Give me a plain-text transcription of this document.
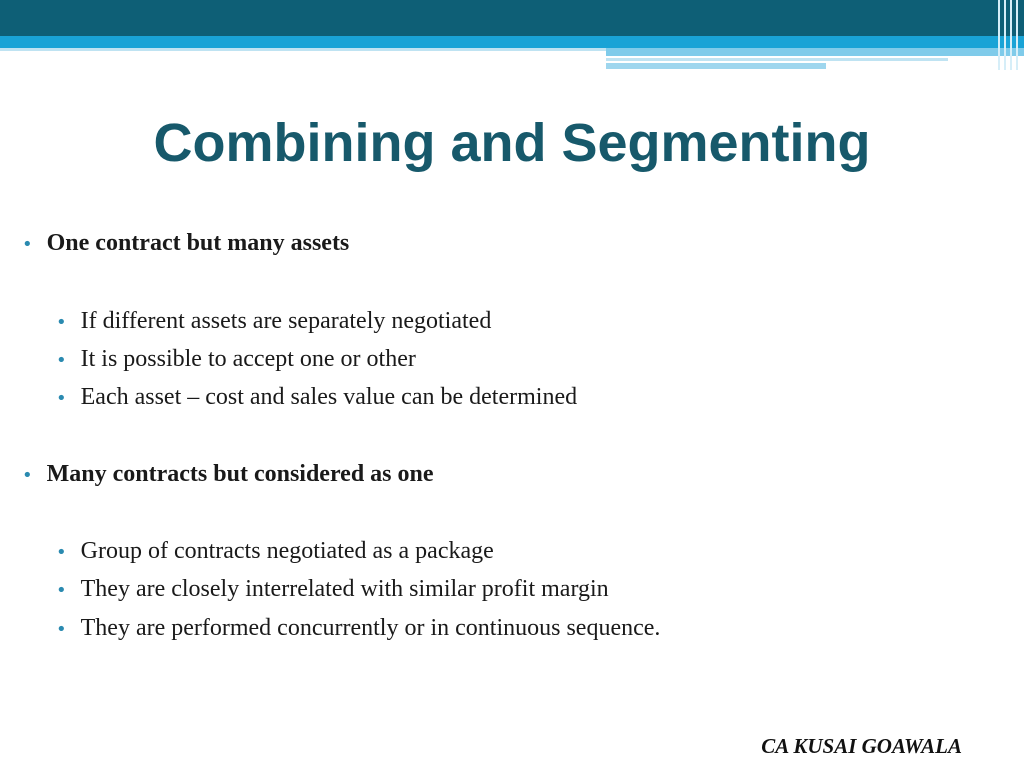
Combining and Segmenting
• One contract but many assets
• If different assets are separately negotiated
• It is possible to accept one or other
• Each asset – cost and sales value can be determined
• Many contracts but considered as one
• Group of contracts negotiated as a package
• They are closely interrelated with similar profit margin
• They are performed concurrently or in continuous sequence.
CA KUSAI GOAWALA
